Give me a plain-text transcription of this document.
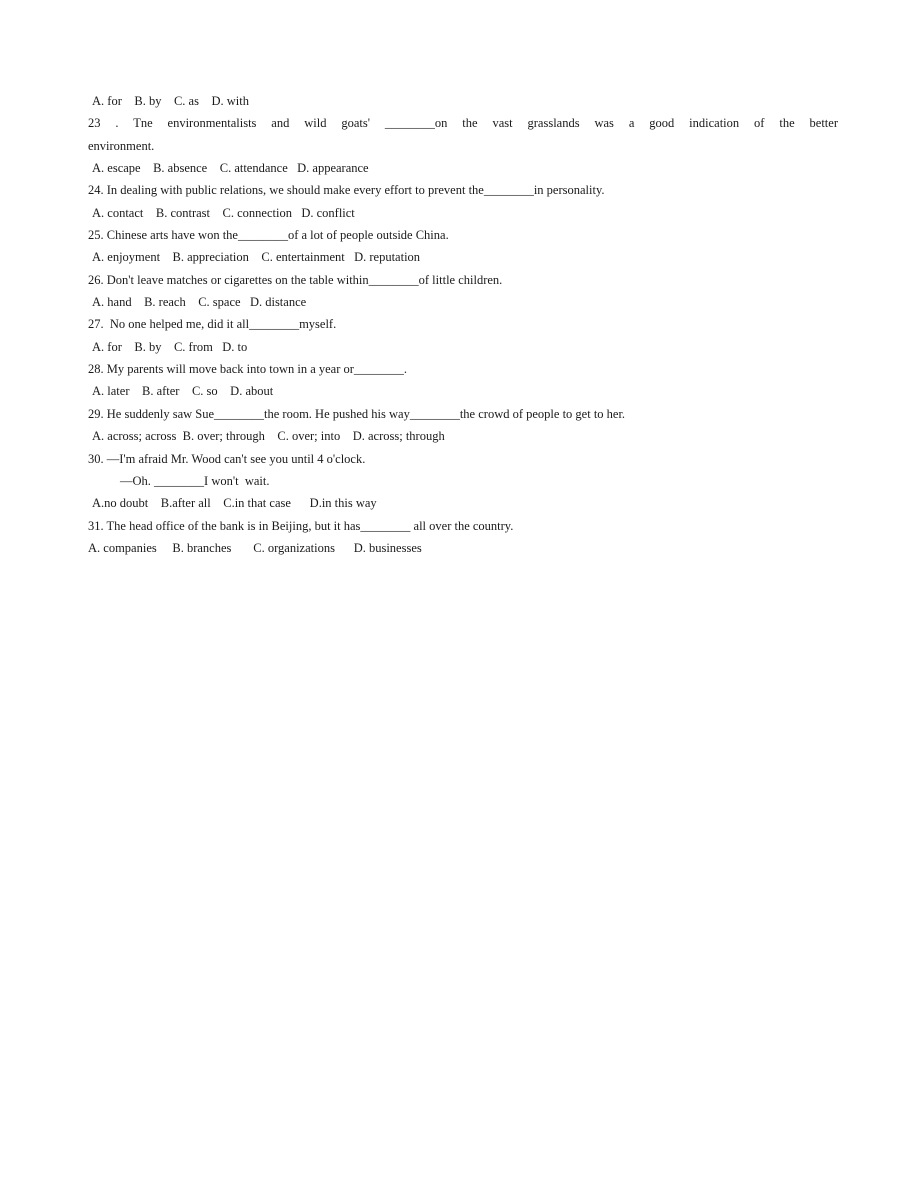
A. for    B. by    C. as    D. with
23 . Tne environmentalists and wild goats' ________on the vast grasslands was a good indication of the better
environment.
A. escape    B. absence    C. attendance   D. appearance
24. In dealing with public relations, we should make every effort to prevent the________in personality.
A. contact    B. contrast    C. connection   D. conflict
25. Chinese arts have won the________of a lot of people outside China.
A. enjoyment    B. appreciation    C. entertainment   D. reputation
26. Don't leave matches or cigarettes on the table within________of little children.
A. hand    B. reach    C. space   D. distance
27.  No one helped me, did it all________myself.
A. for    B. by    C. from   D. to
28. My parents will move back into town in a year or________.
A. later    B. after    C. so    D. about
29. He suddenly saw Sue________the room. He pushed his way________the crowd of people to get to her.
A. across; across  B. over; through    C. over; into    D. across; through
30. —I'm afraid Mr. Wood can't see you until 4 o'clock.
—Oh. ________I won't  wait.
A.no doubt    B.after all    C.in that case      D.in this way
31. The head office of the bank is in Beijing, but it has________ all over the country.
A. companies     B. branches       C. organizations      D. businesses
